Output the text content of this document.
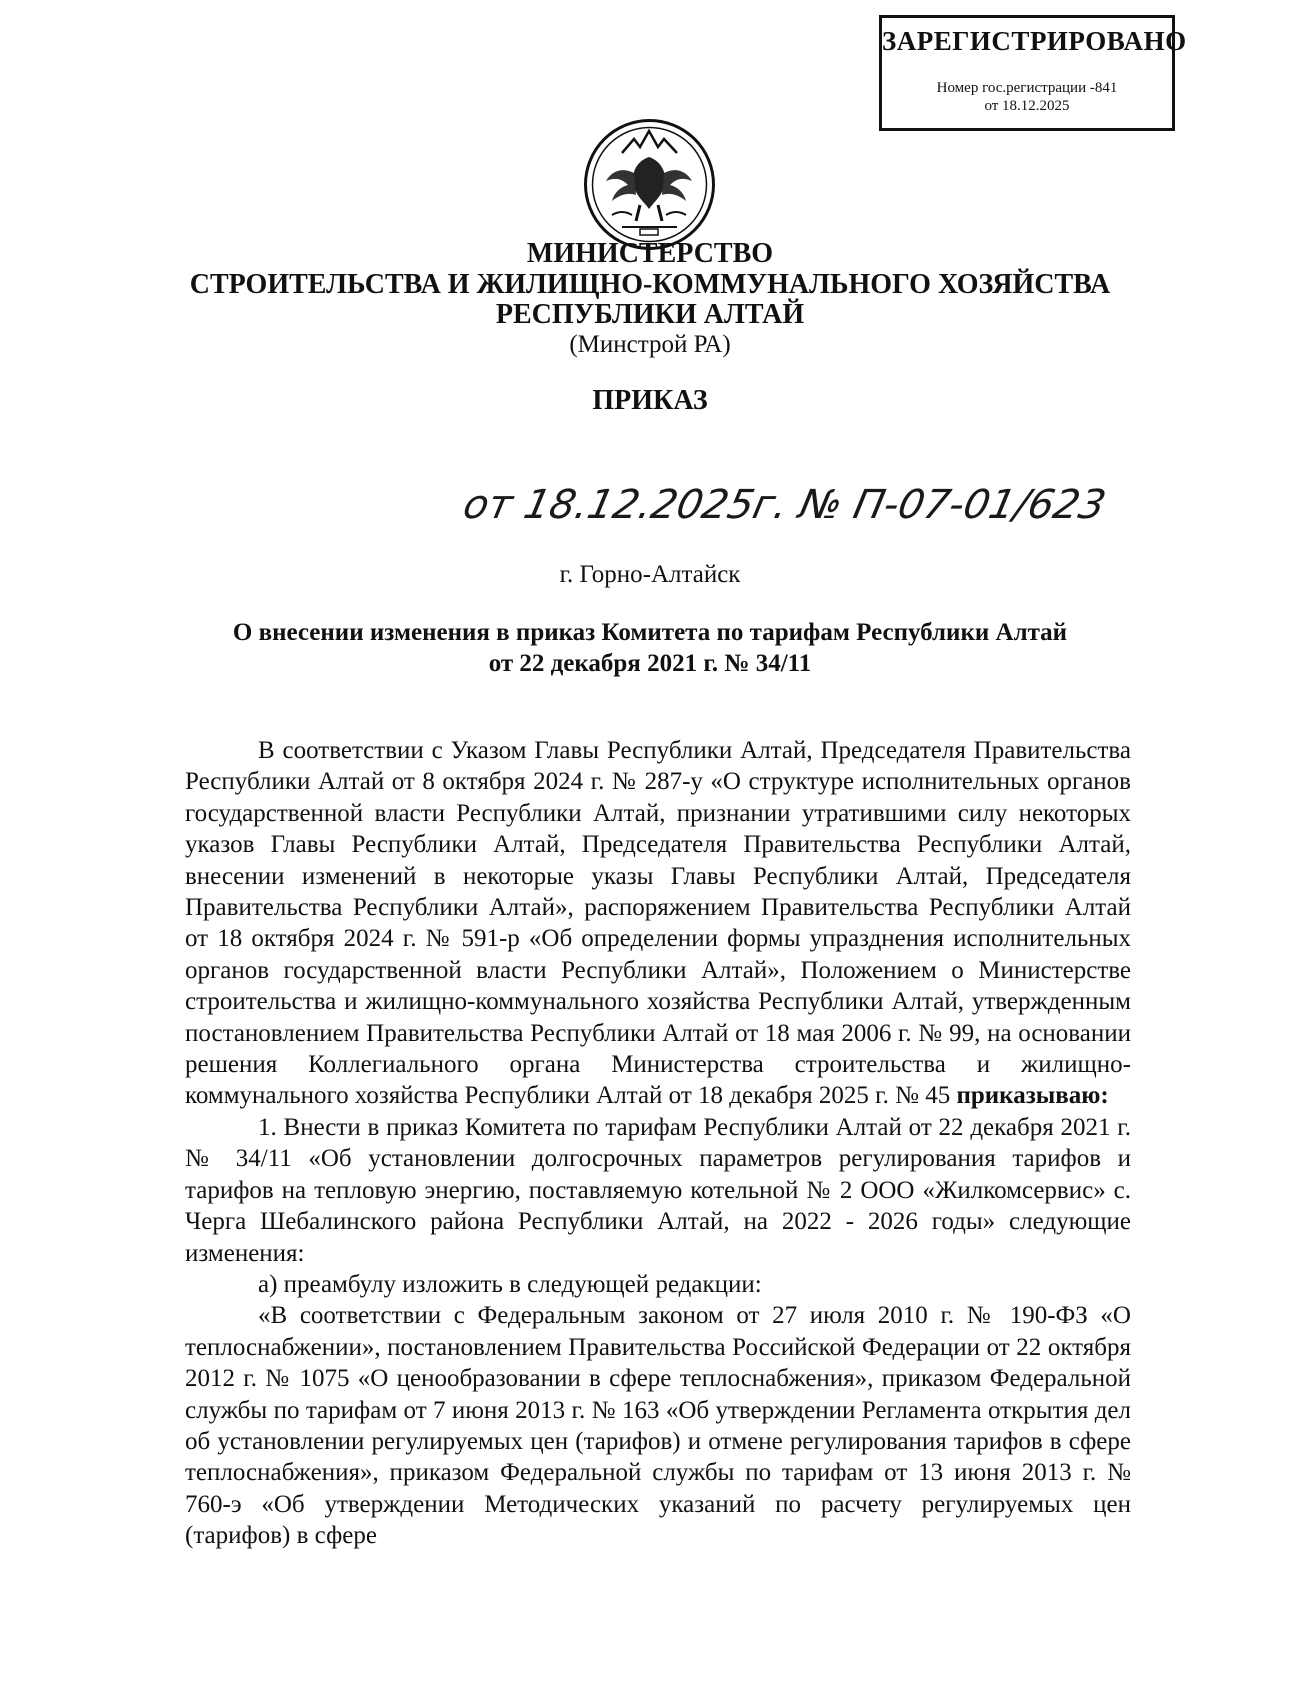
ЗАРЕГИСТРИРОВАНО
Номер гос.регистрации -841
от 18.12.2025
МИНИСТЕРСТВО
СТРОИТЕЛЬСТВА И ЖИЛИЩНО-КОММУНАЛЬНОГО ХОЗЯЙСТВА
РЕСПУБЛИКИ АЛТАЙ
(Минстрой РА)
ПРИКАЗ
от 18.12.2025г. № П-07-01/623
г. Горно-Алтайск
О внесении изменения в приказ Комитета по тарифам Республики Алтай
от 22 декабря 2021 г. № 34/11

В соответствии с Указом Главы Республики Алтай, Председателя Правительства Республики Алтай от 8 октября 2024 г. № 287-у «О структуре исполнительных органов государственной власти Республики Алтай, признании утратившими силу некоторых указов Главы Республики Алтай, Председателя Правительства Республики Алтай, внесении изменений в некоторые указы Главы Республики Алтай, Председателя Правительства Республики Алтай», распоряжением Правительства Республики Алтай от 18 октября 2024 г. № 591-р «Об определении формы упразднения исполнительных органов государственной власти Республики Алтай», Положением о Министерстве строительства и жилищно-коммунального хозяйства Республики Алтай, утвержденным постановлением Правительства Республики Алтай от 18 мая 2006 г. № 99, на основании решения Коллегиального органа Министерства строительства и жилищно-коммунального хозяйства Республики Алтай от 18 декабря 2025 г. № 45 приказываю:

1. Внести в приказ Комитета по тарифам Республики Алтай от 22 декабря 2021 г. № 34/11 «Об установлении долгосрочных параметров регулирования тарифов и тарифов на тепловую энергию, поставляемую котельной № 2 ООО «Жилкомсервис» с. Черга Шебалинского района Республики Алтай, на 2022 - 2026 годы» следующие изменения:

а) преамбулу изложить в следующей редакции:

«В соответствии с Федеральным законом от 27 июля 2010 г. № 190-ФЗ «О теплоснабжении», постановлением Правительства Российской Федерации от 22 октября 2012 г. № 1075 «О ценообразовании в сфере теплоснабжения», приказом Федеральной службы по тарифам от 7 июня 2013 г. № 163 «Об утверждении Регламента открытия дел об установлении регулируемых цен (тарифов) и отмене регулирования тарифов в сфере теплоснабжения», приказом Федеральной службы по тарифам от 13 июня 2013 г. № 760-э «Об утверждении Методических указаний по расчету регулируемых цен (тарифов) в сфере
